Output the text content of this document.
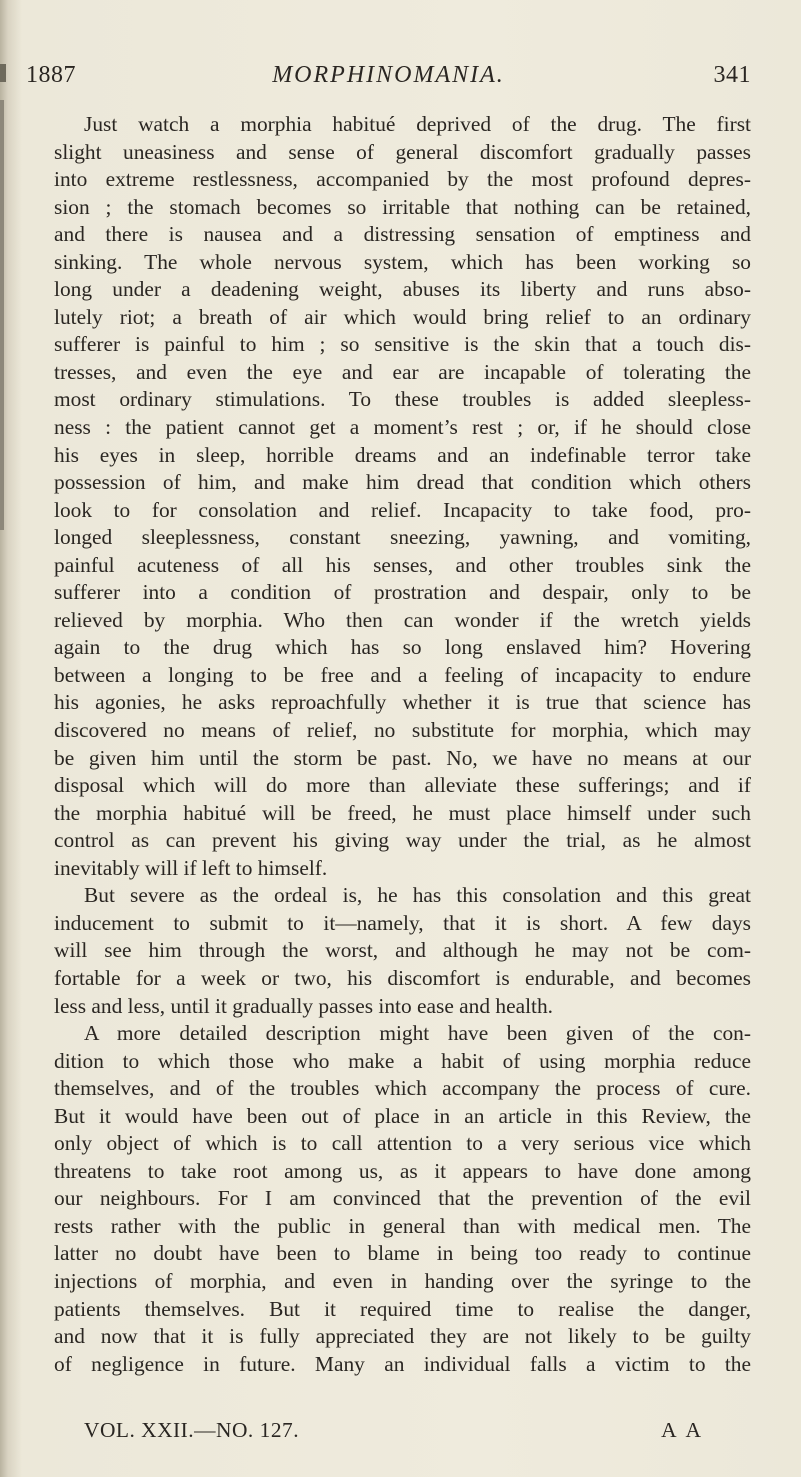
1887	MORPHINOMANIA.	341
Just watch a morphia habitué deprived of the drug. The first
slight uneasiness and sense of general discomfort gradually passes
into extreme restlessness, accompanied by the most profound depres-
sion ; the stomach becomes so irritable that nothing can be retained,
and there is nausea and a distressing sensation of emptiness and
sinking. The whole nervous system, which has been working so
long under a deadening weight, abuses its liberty and runs abso-
lutely riot; a breath of air which would bring relief to an ordinary
sufferer is painful to him ; so sensitive is the skin that a touch dis-
tresses, and even the eye and ear are incapable of tolerating the
most ordinary stimulations. To these troubles is added sleepless-
ness : the patient cannot get a moment’s rest ; or, if he should close
his eyes in sleep, horrible dreams and an indefinable terror take
possession of him, and make him dread that condition which others
look to for consolation and relief. Incapacity to take food, pro-
longed sleeplessness, constant sneezing, yawning, and vomiting,
painful acuteness of all his senses, and other troubles sink the
sufferer into a condition of prostration and despair, only to be
relieved by morphia. Who then can wonder if the wretch yields
again to the drug which has so long enslaved him? Hovering
between a longing to be free and a feeling of incapacity to endure
his agonies, he asks reproachfully whether it is true that science has
discovered no means of relief, no substitute for morphia, which may
be given him until the storm be past. No, we have no means at our
disposal which will do more than alleviate these sufferings; and if
the morphia habitué will be freed, he must place himself under such
control as can prevent his giving way under the trial, as he almost
inevitably will if left to himself.
But severe as the ordeal is, he has this consolation and this great
inducement to submit to it—namely, that it is short. A few days
will see him through the worst, and although he may not be com-
fortable for a week or two, his discomfort is endurable, and becomes
less and less, until it gradually passes into ease and health.
A more detailed description might have been given of the con-
dition to which those who make a habit of using morphia reduce
themselves, and of the troubles which accompany the process of cure.
But it would have been out of place in an article in this Review, the
only object of which is to call attention to a very serious vice which
threatens to take root among us, as it appears to have done among
our neighbours. For I am convinced that the prevention of the evil
rests rather with the public in general than with medical men. The
latter no doubt have been to blame in being too ready to continue
injections of morphia, and even in handing over the syringe to the
patients themselves. But it required time to realise the danger,
and now that it is fully appreciated they are not likely to be guilty
of negligence in future. Many an individual falls a victim to the
VOL. XXII.—NO. 127.	A A
